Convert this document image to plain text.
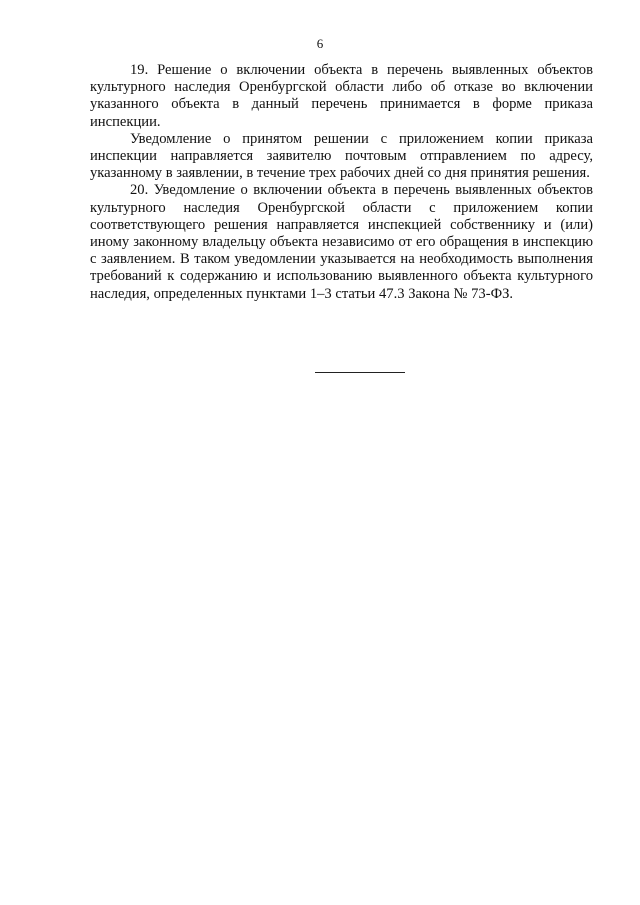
6

19. Решение о включении объекта в перечень выявленных объектов культурного наследия Оренбургской области либо об отказе во включении указанного объекта в данный перечень принимается в форме приказа инспекции.

Уведомление о принятом решении с приложением копии приказа инспекции направляется заявителю почтовым отправлением по адресу, указанному в заявлении, в течение трех рабочих дней со дня принятия решения.

20. Уведомление о включении объекта в перечень выявленных объектов культурного наследия Оренбургской области с приложением копии соответствующего решения направляется инспекцией собственнику и (или) иному законному владельцу объекта независимо от его обращения в инспекцию с заявлением. В таком уведомлении указывается на необходимость выполнения требований к содержанию и использованию выявленного объекта культурного наследия, определенных пунктами 1–3 статьи 47.3 Закона № 73-ФЗ.
